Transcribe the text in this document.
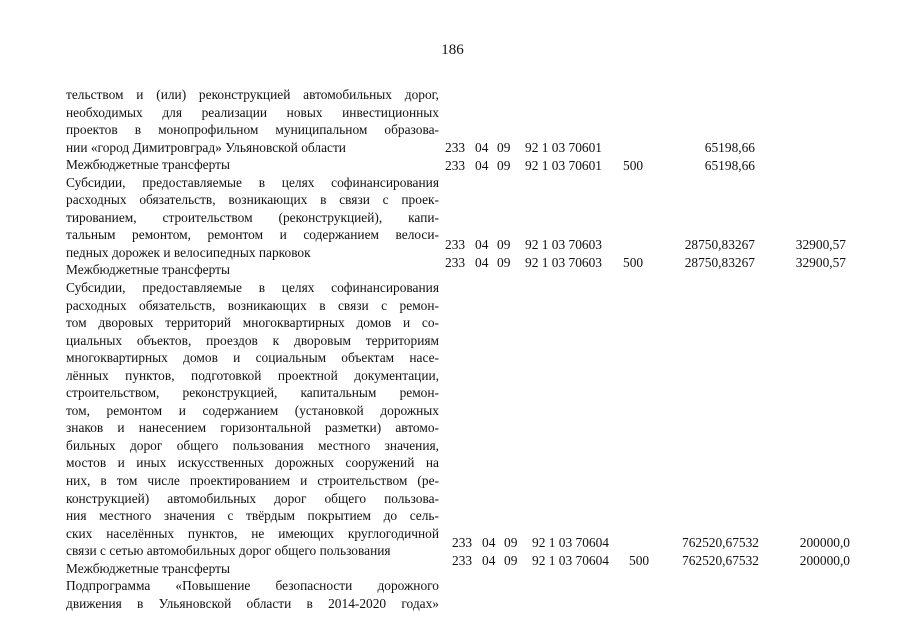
186
тельством и (или) реконструкцией автомобильных дорог,
необходимых для реализации новых инвестиционных
проектов в монопрофильном муниципальном образова-
нии «город Димитровград» Ульяновской области
Межбюджетные трансферты
Субсидии, предоставляемые в целях софинансирования
расходных обязательств, возникающих в связи с проек-
тированием, строительством (реконструкцией), капи-
тальным ремонтом, ремонтом и содержанием велоси-
педных дорожек и велосипедных парковок
Межбюджетные трансферты
Субсидии, предоставляемые в целях софинансирования
расходных обязательств, возникающих в связи с ремон-
том дворовых территорий многоквартирных домов и со-
циальных объектов, проездов к дворовым территориям
многоквартирных домов и социальным объектам насе-
лённых пунктов, подготовкой проектной документации,
строительством, реконструкцией, капитальным ремон-
том, ремонтом и содержанием (установкой дорожных
знаков и нанесением горизонтальной разметки) автомо-
бильных дорог общего пользования местного значения,
мостов и иных искусственных дорожных сооружений на
них, в том числе проектированием и строительством (ре-
конструкцией) автомобильных дорог общего пользова-
ния местного значения с твёрдым покрытием до сель-
ских населённых пунктов, не имеющих круглогодичной
связи с сетью автомобильных дорог общего пользования
Межбюджетные трансферты
Подпрограмма «Повышение безопасности дорожного
движения в Ульяновской области в 2014-2020 годах»
233 04 09 92 1 03 70601	65198,66
233 04 09 92 1 03 70601 500	65198,66
233 04 09 92 1 03 70603	28750,83267	32900,57
233 04 09 92 1 03 70603 500	28750,83267	32900,57
233 04 09 92 1 03 70604	762520,67532	200000,0
233 04 09 92 1 03 70604 500 762520,67532	200000,0
